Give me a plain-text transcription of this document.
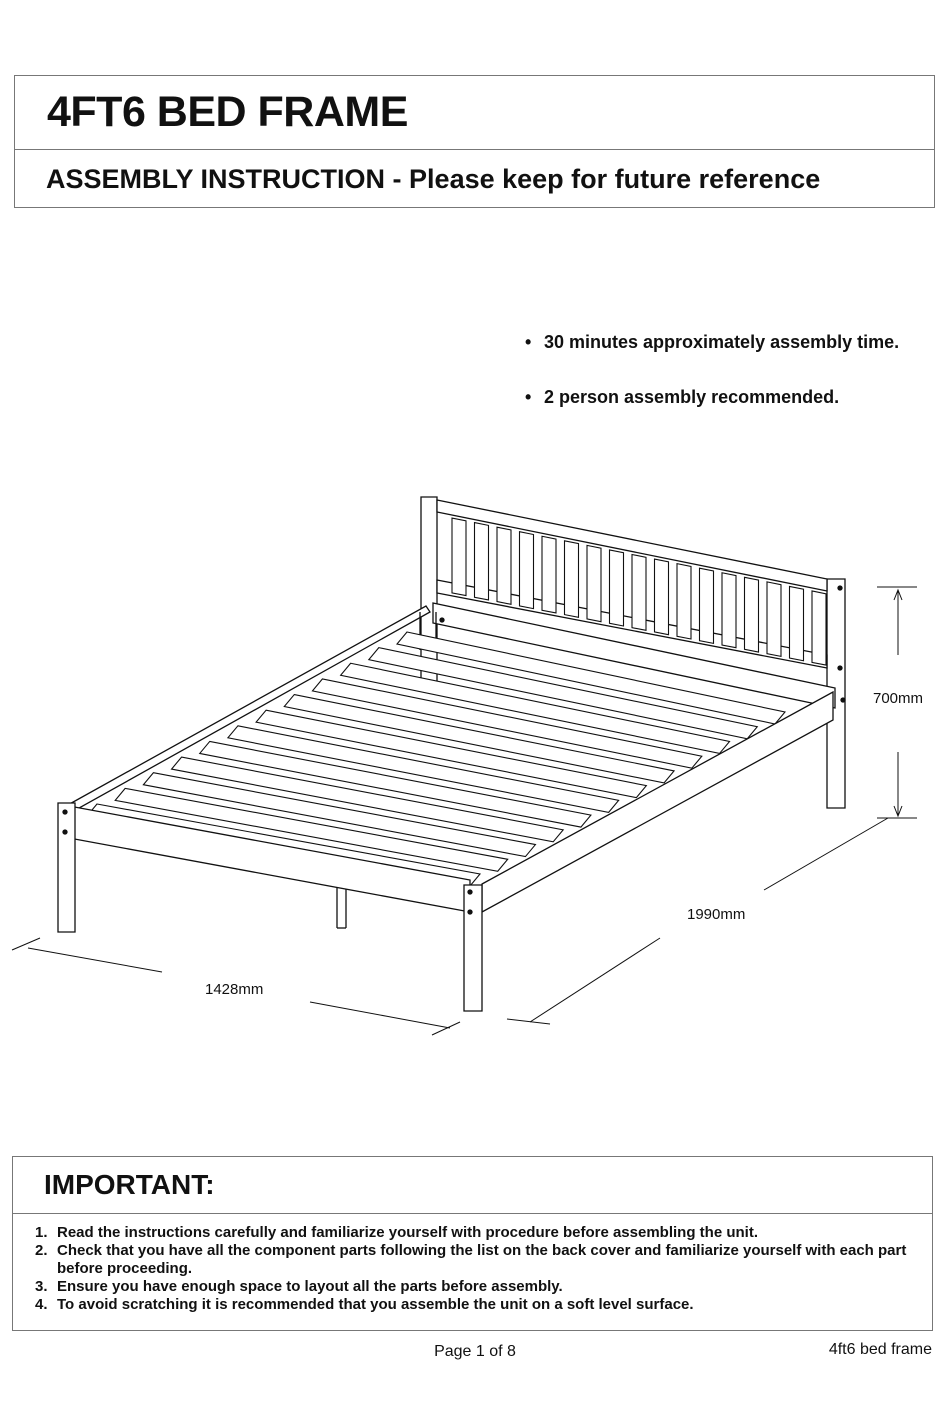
4FT6 BED FRAME
ASSEMBLY INSTRUCTION - Please keep for future reference
• 30 minutes approximately assembly time.
• 2 person assembly recommended.
700mm
1990mm
1428mm
IMPORTANT:
1. Read the instructions carefully and familiarize yourself with procedure before assembling the unit.
2. Check that you have all the component parts following the list on the back cover and familiarize yourself with each part before proceeding.
3. Ensure you have enough space to layout all the parts before assembly.
4. To avoid scratching it is recommended that you assemble the unit on a soft level surface.
Page 1 of 8	4ft6 bed frame
